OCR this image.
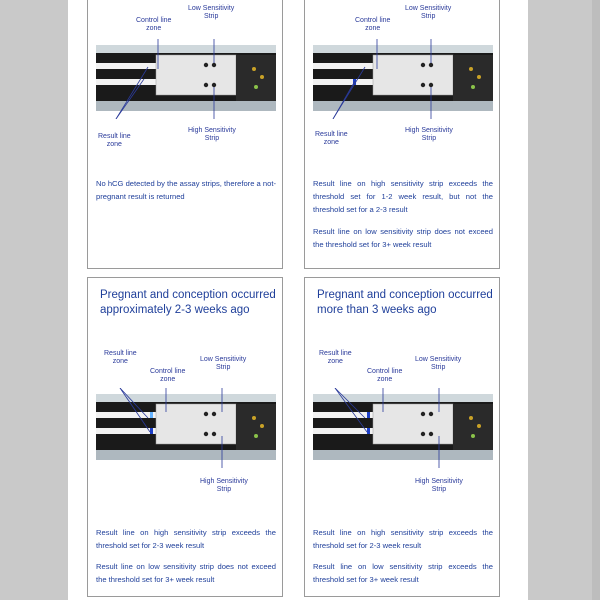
Low Sensitivity
Strip
Control line
zone
Result line
zone
High Sensitivity
Strip
No hCG detected by the assay strips, therefore a not-pregnant result is returned
Low Sensitivity
Strip
Control line
zone
Result line
zone
High Sensitivity
Strip
Result line on high sensitivity strip exceeds the threshold set for 1-2 week result, but not the threshold set for a 2-3 result
Result line on low sensitivity strip does not exceed the threshold set for 3+ week result
Pregnant and conception occurred approximately 2-3 weeks ago
Result line
zone	Low Sensitivity
Strip
Control line
zone
High Sensitivity
Strip
Result line on high sensitivity strip exceeds the threshold set for 2-3 week result
Result line on low sensitivity strip does not exceed the threshold set for 3+ week result
Pregnant and conception occurred more than 3 weeks ago
Result line
zone	Low Sensitivity
Strip
Control line
zone
High Sensitivity
Strip
Result line on high sensitivity strip exceeds the threshold set for 2-3 week result
Result line on low sensitivity strip exceeds the threshold set for 3+ week result
